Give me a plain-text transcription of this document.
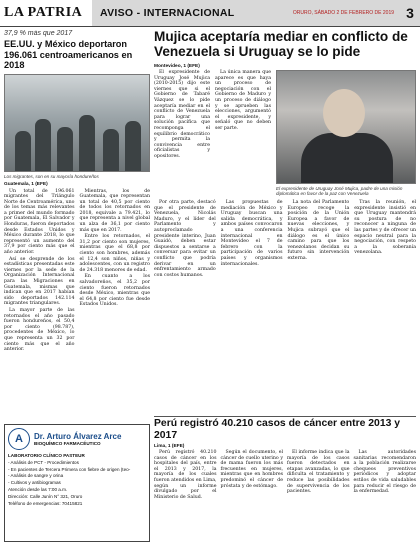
LA PATRIA	AVISO - INTERNACIONAL	ORURO, SÁBADO 2 DE FEBRERO DE 2019 3
37,9 % más que 2017
EE.UU. y México deportaron 196.061 centroamericanos en 2018
Los migrantes, son en su mayoría hondureños
Guatemala, 1 (EFE)

Un total de 196.061 migrantes del Triángulo Norte de Centroamérica, uno de los temas más relevantes a primer del mundo formado por Guatemala, El Salvador y Honduras, fueron deportados desde Estados Unidos y México durante 2018, lo que representó un aumento del 37,9 por ciento más que el año anterior.

Así se desprende de los estadísticas presentadas este viernes por la sede de la Organización Internacional para las Migraciones en Guatemala, mismas que indican que en 2017 habían sido deportados 142.114 migrantes triangulares.

La mayor parte de las retornados el año pasado fueron hondureños, el 50,4 por ciento (98.787), procedentes de México, lo que representa un 32 por ciento más que el año anterior.

Mientras, los de Guatemala, que representan un total de 40,5 por ciento de todos los retornados en 2018, equivale a 79.421, lo que representa a nivel global un alza de 36,1 por ciento más que en 2017.

Entre los retornados, el 31,2 por ciento son mujeres, mientras que el 68,8 por ciento son hombres, además el 12,4 son niños, niñas y adolescentes, con un registro de 24.318 menores de edad.

En cuanto a los salvadoreños, el 35,2 por ciento fueron retornados desde México, mientras que el 64,8 por ciento fue desde Estados Unidos.

Mujica aceptaría mediar en conflicto de Venezuela si Uruguay se lo pide
Montevideo, 1 (EFE)

El expresidente de Uruguay José Mujica (2010-2015) dijo este viernes que si el Gobierno de Tabaré Vázquez se lo pide aceptaría mediar en el conflicto de Venezuela para lograr una solución pacífica que recomponga el equilibrio democrático y permita la convivencia entre oficialistas y opositores.

La única manera que aparece es que haya un proceso de negociación con el Gobierno de Maduro y un proceso de diálogo y se aprueben las elecciones, argumentó el expresidente, y señaló que no deben ser parte.

El expresidente de Uruguay José Mujica, padre de una misión diplomática en favor de la paz con Venezuela

Por otra parte, destacó que el presidente de Venezuela, Nicolás Maduro, y el líder del Parlamento y autoproclamado presidente interino, Juan Guaidó, deben estar dispuestos a sentarse a conversar para evitar un conflicto que podría derivar en un enfrentamiento armado con costos humanos.

Las propuestas de mediación de México y Uruguay buscan una salida democrática, y ambos países convocaron a una conferencia internacional en Montevideo el 7 de febrero con la participación de varios países y organismos internacionales.

La nota del Parlamento Europeo recoge la posición de la Unión Europea a favor de nuevas elecciones, y Mujica subrayó que el diálogo es el único camino para que los venezolanos decidan su futuro sin intervención externa.

Tras la reunión, el expresidente insistió en que Uruguay mantendrá su postura de no reconocer a ninguna de las partes y de ofrecer un espacio neutral para la negociación, con respeto a la soberanía venezolana.

Perú registró 40.210 casos de cáncer entre 2013 y 2017
Lima, 1 (EFE)

Perú registró 40.210 casos de cáncer en los hospitales del país, entre el 2013 y 2017, la mayoría de los cuales fueron atendidos en Lima, según un informe divulgado por el Ministerio de Salud.

Según el documento, el cáncer de cuello uterino y de mama fueron los más frecuentes en mujeres, mientras que en hombres predominó el cáncer de próstata y de estómago.

El informe indica que la mayoría de los casos fueron detectados en etapas avanzadas, lo que dificulta el tratamiento y reduce las posibilidades de supervivencia de los pacientes.

Las autoridades sanitarias recomendaron a la población realizarse chequeos preventivos periódicos y adoptar estilos de vida saludables para reducir el riesgo de la enfermedad.

A	Dr. Arturo Álvarez Arce
BIOQUÍMICO FARMACÉUTICO
LABORATORIO CLÍNICO PASTEUR
- Análisis de PCT - Procedimientos
- En pacientes de Tercera Primera con fiebre de origen (teo-
- Análisis de sangre y orina
- Cultivos y antibiogramas
Atención desde las 7:00 a.m.
Dirección: Calle Junín N° 321, Oruro
Teléfono de emergencias: 70415821
